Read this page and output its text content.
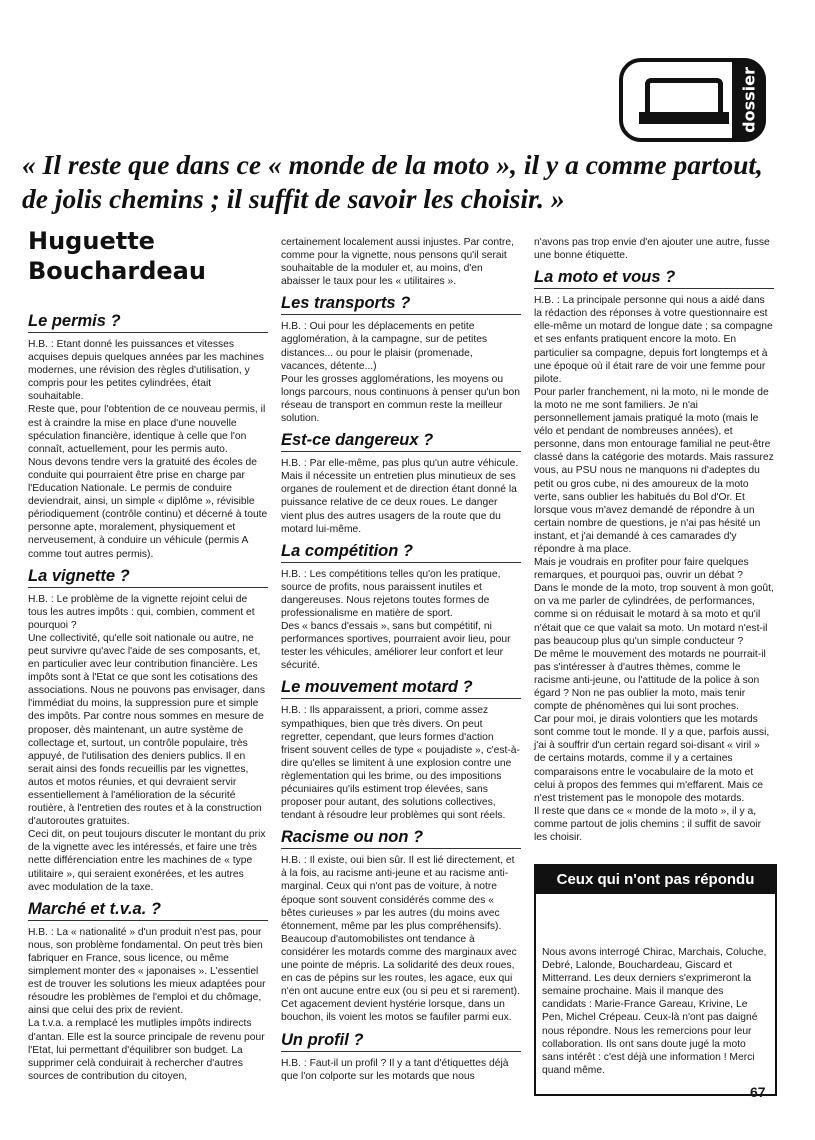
dossier
« Il reste que dans ce « monde de la moto », il y a comme partout, de jolis chemins ; il suffit de savoir les choisir. »
Huguette
Bouchardeau
Le permis ?

H.B. : Etant donné les puissances et vitesses acquises depuis quelques années par les machines modernes, une révision des règles d'utilisation, y compris pour les petites cylindrées, était souhaitable.

Reste que, pour l'obtention de ce nouveau permis, il est à craindre la mise en place d'une nouvelle spéculation financière, identique à celle que l'on connaît, actuellement, pour les permis auto.

Nous devons tendre vers la gratuité des écoles de conduite qui pourraient être prise en charge par l'Education Nationale. Le permis de conduire deviendrait, ainsi, un simple « diplôme », révisible périodiquement (contrôle continu) et décerné à toute personne apte, moralement, physiquement et nerveusement, à conduire un véhicule (permis A comme tout autres permis).

La vignette ?

H.B. : Le problème de la vignette rejoint celui de tous les autres impôts : qui, combien, comment et pourquoi ?

Une collectivité, qu'elle soit nationale ou autre, ne peut survivre qu'avec l'aide de ses composants, et, en particulier avec leur contribution financière. Les impôts sont à l'Etat ce que sont les cotisations des associations. Nous ne pouvons pas envisager, dans l'immédiat du moins, la suppression pure et simple des impôts. Par contre nous sommes en mesure de proposer, dès maintenant, un autre système de collectage et, surtout, un contrôle populaire, très appuyé, de l'utilisation des deniers publics. Il en serait ainsi des fonds recueillis par les vignettes, autos et motos réunies, et qui devraient servir essentiellement à l'amélioration de la sécurité routière, à l'entretien des routes et à la construction d'autoroutes gratuites.

Ceci dit, on peut toujours discuter le montant du prix de la vignette avec les intéressés, et faire une très nette différenciation entre les machines de « type utilitaire », qui seraient exonérées, et les autres avec modulation de la taxe.

Marché et t.v.a. ?

H.B. : La « nationalité » d'un produit n'est pas, pour nous, son problème fondamental. On peut très bien fabriquer en France, sous licence, ou même simplement monter des « japonaises ». L'essentiel est de trouver les solutions les mieux adaptées pour résoudre les problèmes de l'emploi et du chômage, ainsi que celui des prix de revient.

La t.v.a. a remplacé les mutliples impôts indirects d'antan. Elle est la source principale de revenu pour l'Etat, lui permettant d'équilibrer son budget. La supprimer celà conduirait à rechercher d'autres sources de contribution du citoyen,

certainement localement aussi injustes. Par contre, comme pour la vignette, nous pensons qu'il serait souhaitable de la moduler et, au moins, d'en abaisser le taux pour les « utilitaires ».

Les transports ?

H.B. : Oui pour les déplacements en petite agglomération, à la campagne, sur de petites distances... ou pour le plaisir (promenade, vacances, détente...)

Pour les grosses agglomérations, les moyens ou longs parcours, nous continuons à penser qu'un bon réseau de transport en commun reste la meilleur solution.

Est-ce dangereux ?

H.B. : Par elle-même, pas plus qu'un autre véhicule. Mais il nécessite un entretien plus minutieux de ses organes de roulement et de direction étant donné la puissance relative de ce deux roues. Le danger vient plus des autres usagers de la route que du motard lui-même.

La compétition ?

H.B. : Les compétitions telles qu'on les pratique, source de profits, nous paraissent inutiles et dangereuses. Nous rejetons toutes formes de professionalisme en matière de sport.

Des « bancs d'essais », sans but compétitif, ni performances sportives, pourraient avoir lieu, pour tester les véhicules, améliorer leur confort et leur sécurité.

Le mouvement motard ?

H.B. : Ils apparaissent, a priori, comme assez sympathiques, bien que très divers. On peut regretter, cependant, que leurs formes d'action frisent souvent celles de type « poujadiste », c'est-à-dire qu'elles se limitent à une explosion contre une règlementation qui les brime, ou des impositions pécuniaires qu'ils estiment trop élevées, sans proposer pour autant, des solutions collectives, tendant à résoudre leur problèmes qui sont réels.

Racisme ou non ?

H.B. : Il existe, oui bien sûr. Il est lié directement, et à la fois, au racisme anti-jeune et au racisme anti-marginal. Ceux qui n'ont pas de voiture, à notre époque sont souvent considérés comme des « bêtes curieuses » par les autres (du moins avec étonnement, même par les plus compréhensifs). Beaucoup d'automobilistes ont tendance à considérer les motards comme des marginaux avec une pointe de mépris. La solidarité des deux roues, en cas de pépins sur les routes, les agace, eux qui n'en ont aucune entre eux (ou si peu et si rarement). Cet agacement devient hystérie lorsque, dans un bouchon, ils voient les motos se faufiler parmi eux.

Un profil ?

H.B. : Faut-il un profil ? Il y a tant d'étiquettes déjà que l'on colporte sur les motards que nous

n'avons pas trop envie d'en ajouter une autre, fusse une bonne étiquette.

La moto et vous ?

H.B. : La principale personne qui nous a aidé dans la rédaction des réponses à votre questionnaire est elle-même un motard de longue date ; sa compagne et ses enfants pratiquent encore la moto. En particulier sa compagne, depuis fort longtemps et à une époque où il était rare de voir une femme pour pilote.

Pour parler franchement, ni la moto, ni le monde de la moto ne me sont familiers. Je n'ai personnellement jamais pratiqué la moto (mais le vélo et pendant de nombreuses années), et personne, dans mon entourage familial ne peut-être classé dans la catégorie des motards. Mais rassurez vous, au PSU nous ne manquons ni d'adeptes du petit ou gros cube, ni des amoureux de la moto verte, sans oublier les habitués du Bol d'Or. Et lorsque vous m'avez demandé de répondre à un certain nombre de questions, je n'ai pas hésité un instant, et j'ai demandé à ces camarades d'y répondre à ma place.

Mais je voudrais en profiter pour faire quelques remarques, et pourquoi pas, ouvrir un débat ?

Dans le monde de la moto, trop souvent à mon goût, on va me parler de cylindrées, de performances, comme si on réduisait le motard à sa moto et qu'il n'était que ce que valait sa moto. Un motard n'est-il pas beaucoup plus qu'un simple conducteur ?

De même le mouvement des motards ne pourrait-il pas s'intéresser à d'autres thèmes, comme le racisme anti-jeune, ou l'attitude de la police à son égard ? Non ne pas oublier la moto, mais tenir compte de phénomènes qui lui sont proches.

Car pour moi, je dirais volontiers que les motards sont comme tout le monde. Il y a que, parfois aussi, j'ai à souffrir d'un certain regard soi-disant « viril » de certains motards, comme il y a certaines comparaisons entre le vocabulaire de la moto et celui à propos des femmes qui m'effarent. Mais ce n'est tristement pas le monopole des motards.

Il reste que dans ce « monde de la moto », il y a, comme partout de jolis chemins ; il suffit de savoir les choisir.

Ceux qui n'ont pas répondu
Nous avons interrogé Chirac, Marchais, Coluche, Debré, Lalonde, Bouchardeau, Giscard et Mitterrand. Les deux derniers s'exprimeront la semaine prochaine. Mais il manque des candidats : Marie-France Gareau, Krivine, Le Pen, Michel Crépeau. Ceux-là n'ont pas daigné nous répondre. Nous les remercions pour leur collaboration. Ils ont sans doute jugé la moto sans intérêt : c'est déjà une information ! Merci quand même.
67
